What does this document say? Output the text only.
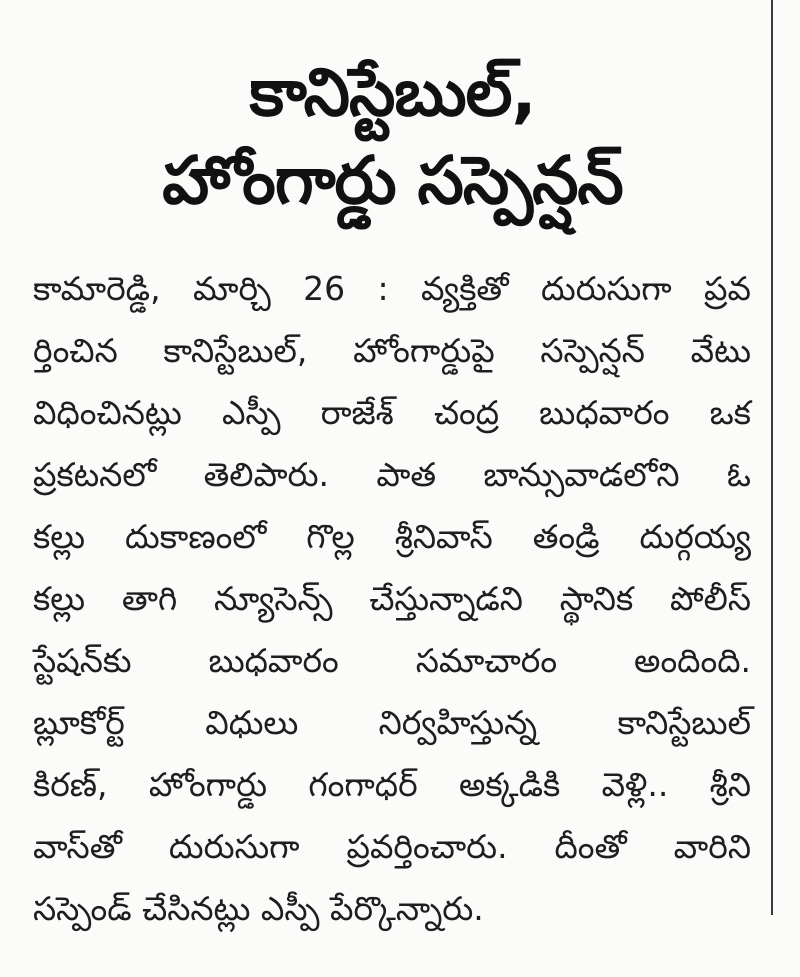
కానిస్టేబుల్,
హోంగార్డు సస్పెన్షన్
కామారెడ్డి, మార్చి 26 : వ్యక్తితో దురుసుగా ప్రవ
ర్తించిన కానిస్టేబుల్, హోంగార్డుపై సస్పెన్షన్ వేటు
విధించినట్లు ఎస్పీ రాజేశ్ చంద్ర బుధవారం ఒక
ప్రకటనలో తెలిపారు. పాత బాన్సువాడలోని ఓ
కల్లు దుకాణంలో గొల్ల శ్రీనివాస్ తండ్రి దుర్గయ్య
కల్లు తాగి న్యూసెన్స్ చేస్తున్నాడని స్థానిక పోలీస్
స్టేషన్‌కు బుధవారం సమాచారం అందింది.
బ్లూకోర్ట్ విధులు నిర్వహిస్తున్న కానిస్టేబుల్
కిరణ్, హోంగార్డు గంగాధర్ అక్కడికి వెళ్లి.. శ్రీని
వాస్‌తో దురుసుగా ప్రవర్తించారు. దీంతో వారిని
సస్పెండ్ చేసినట్లు ఎస్పీ పేర్కొన్నారు.
